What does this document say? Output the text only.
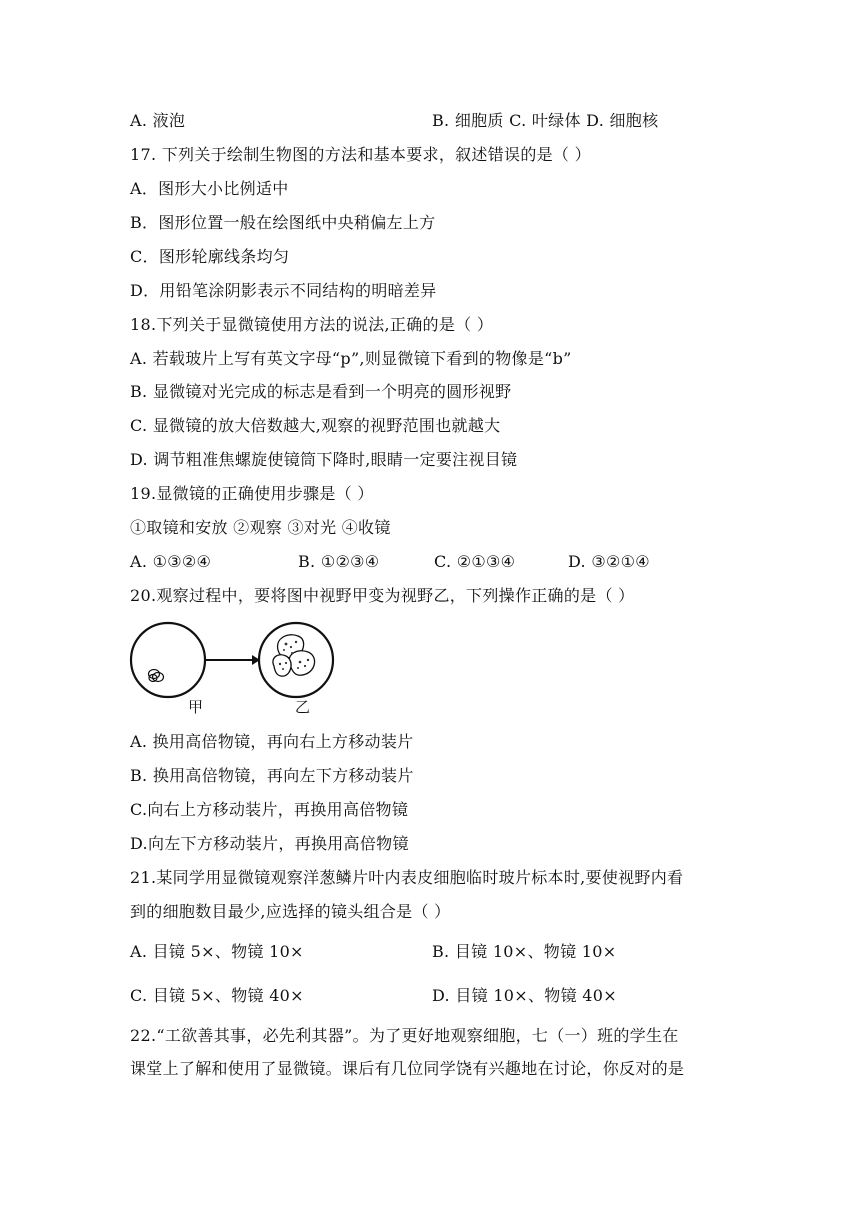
A. 液泡	B. 细胞质 C. 叶绿体 D. 细胞核
17. 下列关于绘制生物图的方法和基本要求，叙述错误的是（ ）
A．图形大小比例适中
B．图形位置一般在绘图纸中央稍偏左上方
C．图形轮廓线条均匀
D．用铅笔涂阴影表示不同结构的明暗差异
18.下列关于显微镜使用方法的说法,正确的是（ ）
A. 若载玻片上写有英文字母“p”,则显微镜下看到的物像是“b”
B. 显微镜对光完成的标志是看到一个明亮的圆形视野
C. 显微镜的放大倍数越大,观察的视野范围也就越大
D. 调节粗准焦螺旋使镜筒下降时,眼睛一定要注视目镜
19.显微镜的正确使用步骤是（ ）
①取镜和安放 ②观察 ③对光 ④收镜
A. ①③②④	B. ①②③④	C. ②①③④	D. ③②①④
20.观察过程中，要将图中视野甲变为视野乙，下列操作正确的是（ ）
甲	乙
A. 换用高倍物镜，再向右上方移动装片
B. 换用高倍物镜，再向左下方移动装片
C.向右上方移动装片，再换用高倍物镜
D.向左下方移动装片，再换用高倍物镜
21.某同学用显微镜观察洋葱鳞片叶内表皮细胞临时玻片标本时,要使视野内看
到的细胞数目最少,应选择的镜头组合是（ ）
A. 目镜 5×、物镜 10×	B. 目镜 10×、物镜 10×
C. 目镜 5×、物镜 40×	D. 目镜 10×、物镜 40×
22.“工欲善其事，必先利其器”。为了更好地观察细胞，七（一）班的学生在
课堂上了解和使用了显微镜。课后有几位同学饶有兴趣地在讨论，你反对的是
